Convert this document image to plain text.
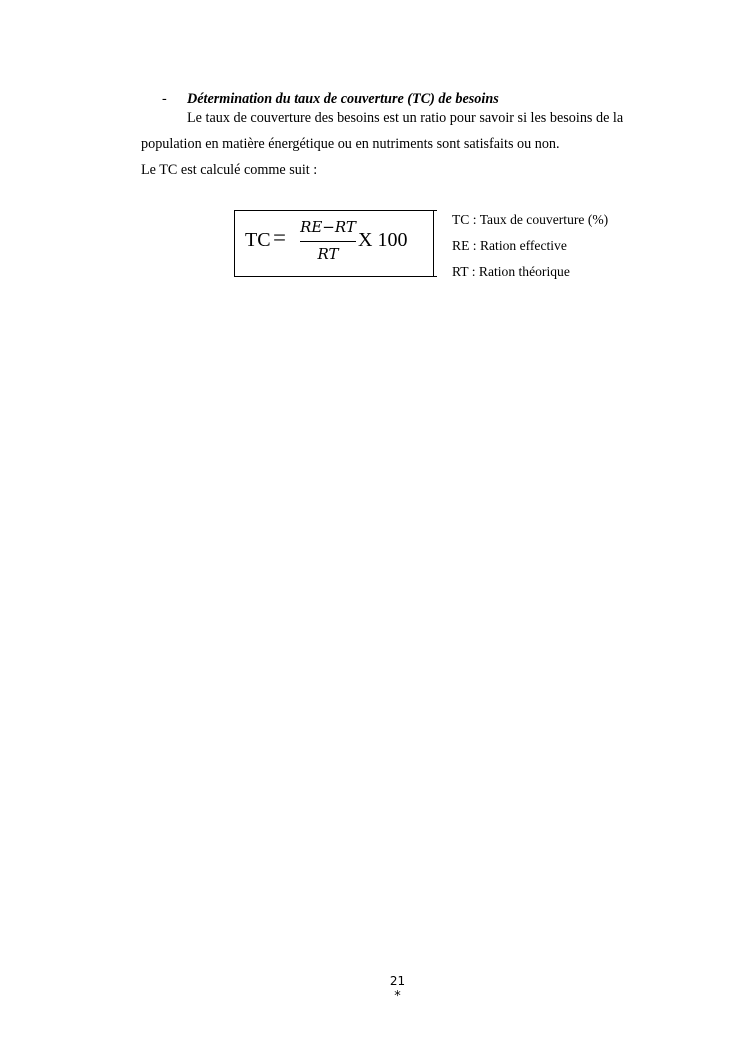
- Détermination du taux de couverture (TC) de besoins
Le taux de couverture des besoins est un ratio pour savoir si les besoins de la
population en matière énergétique ou en nutriments sont satisfaits ou non.
Le TC est calculé comme suit :
TC = RE−RT
RT
X 100
TC : Taux de couverture (%)
RE : Ration effective
RT : Ration théorique
21
*
